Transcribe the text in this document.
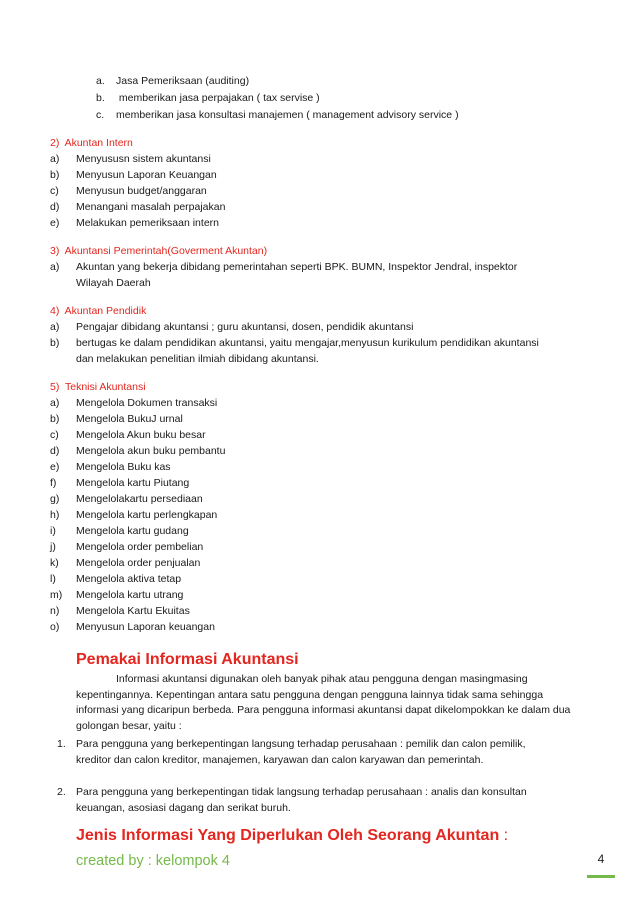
a.	Jasa Pemeriksaan (auditing)
b.	memberikan jasa perpajakan ( tax servise )
c.	memberikan jasa konsultasi manajemen ( management advisory service )
2)  Akuntan Intern
a)	Menyususn sistem akuntansi
b)	Menyusun Laporan Keuangan
c)	Menyusun budget/anggaran
d)	Menangani masalah perpajakan
e)	Melakukan pemeriksaan intern
3)  Akuntansi Pemerintah(Goverment Akuntan)
a)	Akuntan yang bekerja dibidang pemerintahan seperti BPK. BUMN, Inspektor Jendral, inspektor
Wilayah Daerah
4)  Akuntan Pendidik
a)	Pengajar dibidang akuntansi ; guru akuntansi, dosen, pendidik akuntansi
b)	bertugas ke dalam pendidikan akuntansi, yaitu mengajar,menyusun kurikulum pendidikan akuntansi
dan melakukan penelitian ilmiah dibidang akuntansi.
5)  Teknisi Akuntansi
a)	Mengelola Dokumen transaksi
b)	Mengelola BukuJ urnal
c)	Mengelola Akun buku besar
d)	Mengelola akun buku pembantu
e)	Mengelola Buku kas
f)	Mengelola kartu Piutang
g)	Mengelolakartu persediaan
h)	Mengelola kartu perlengkapan
i)	Mengelola kartu gudang
j)	Mengelola order pembelian
k)	Mengelola order penjualan
l)	Mengelola aktiva tetap
m)	Mengelola kartu utrang
n)	Mengelola Kartu Ekuitas
o)	Menyusun Laporan keuangan
Pemakai Informasi Akuntansi
Informasi akuntansi digunakan oleh banyak pihak atau pengguna dengan masingmasing kepentingannya. Kepentingan antara satu pengguna dengan pengguna lainnya tidak sama sehingga informasi yang dicaripun berbeda. Para pengguna informasi akuntansi dapat dikelompokkan ke dalam dua golongan besar, yaitu :
1. Para pengguna yang berkepentingan langsung terhadap perusahaan : pemilik dan calon pemilik,
kreditor dan calon kreditor, manajemen, karyawan dan calon karyawan dan pemerintah.
2. Para pengguna yang berkepentingan tidak langsung terhadap perusahaan : analis dan konsultan
keuangan, asosiasi dagang dan serikat buruh.
Jenis Informasi Yang Diperlukan Oleh Seorang Akuntan :
created by : kelompok 4	4
